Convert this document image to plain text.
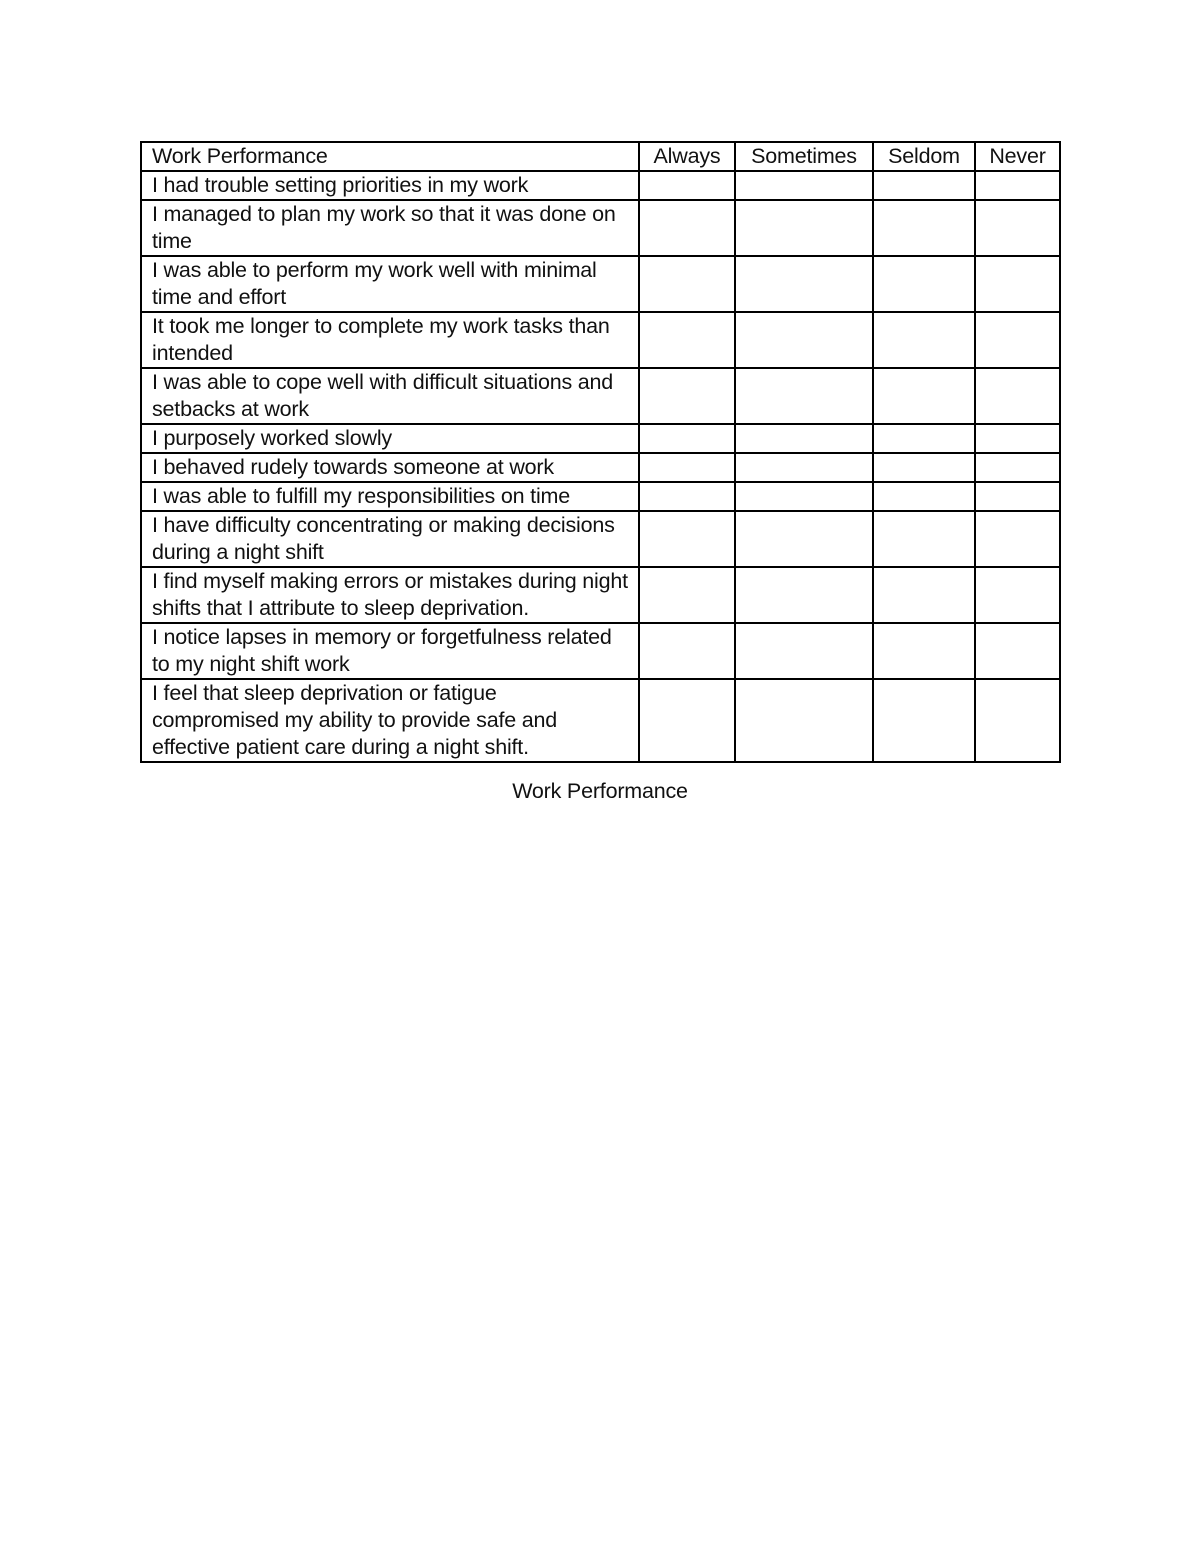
Work Performance	Always	Sometimes	Seldom	Never
I had trouble setting priorities in my work				
I managed to plan my work so that it was done on time				
I was able to perform my work well with minimal time and effort				
It took me longer to complete my work tasks than intended				
I was able to cope well with difficult situations and setbacks at work				
I purposely worked slowly				
I behaved rudely towards someone at work				
I was able to fulfill my responsibilities on time				
I have difficulty concentrating or making decisions during a night shift				
I find myself making errors or mistakes during night shifts that I attribute to sleep deprivation.				
I notice lapses in memory or forgetfulness related to my night shift work				
I feel that sleep deprivation or fatigue compromised my ability to provide safe and effective patient care during a night shift.				
Work Performance
